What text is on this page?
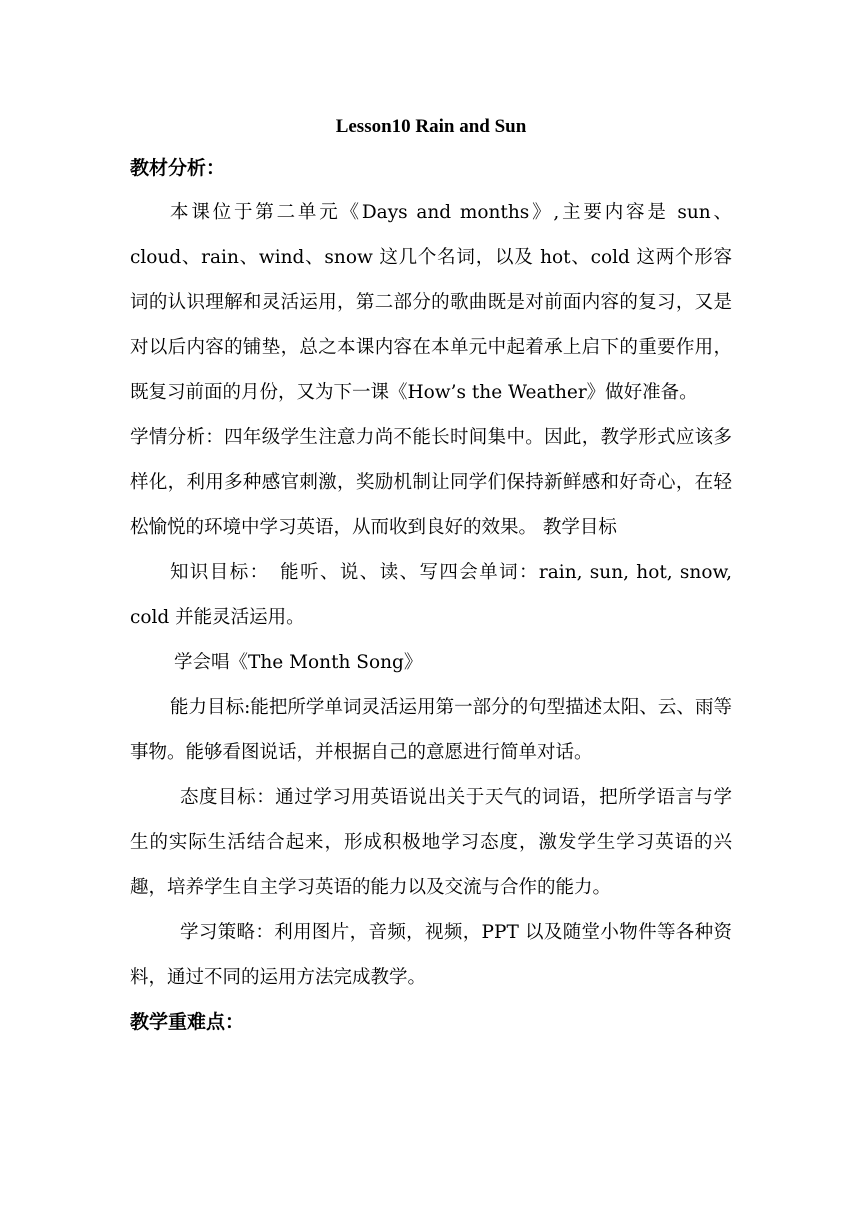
Lesson10 Rain and Sun

教材分析：

本课位于第二单元《Days and months》,主要内容是 sun、cloud、rain、wind、snow 这几个名词，以及 hot、cold 这两个形容词的认识理解和灵活运用，第二部分的歌曲既是对前面内容的复习，又是对以后内容的铺垫，总之本课内容在本单元中起着承上启下的重要作用，既复习前面的月份，又为下一课《How’s the Weather》做好准备。

学情分析：四年级学生注意力尚不能长时间集中。因此，教学形式应该多样化，利用多种感官刺激，奖励机制让同学们保持新鲜感和好奇心，在轻松愉悦的环境中学习英语，从而收到良好的效果。 教学目标

知识目标：　能听、说、读、写四会单词：rain, sun, hot, snow, cold 并能灵活运用。

学会唱《The Month Song》

能力目标:能把所学单词灵活运用第一部分的句型描述太阳、云、雨等事物。能够看图说话，并根据自己的意愿进行简单对话。

态度目标：通过学习用英语说出关于天气的词语，把所学语言与学生的实际生活结合起来，形成积极地学习态度，激发学生学习英语的兴趣，培养学生自主学习英语的能力以及交流与合作的能力。

学习策略：利用图片，音频，视频，PPT 以及随堂小物件等各种资料，通过不同的运用方法完成教学。

教学重难点：
